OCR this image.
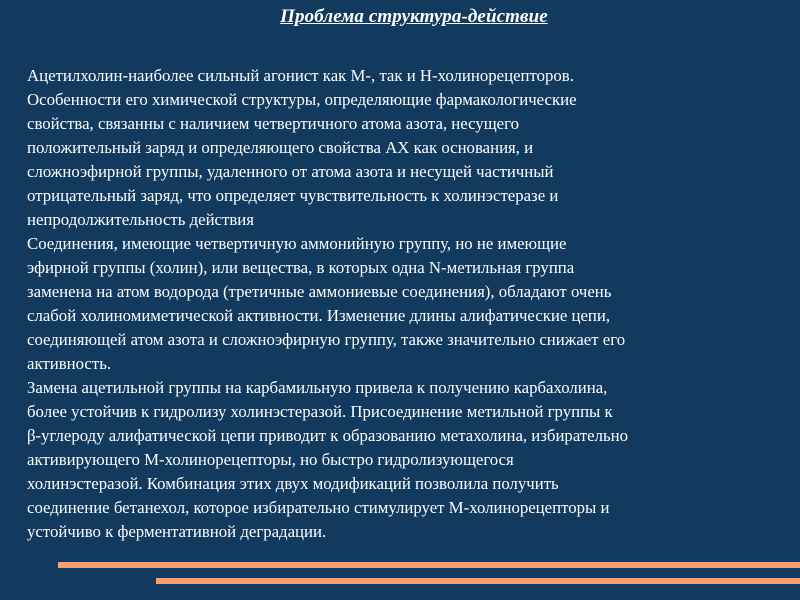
Проблема структура-действие

Ацетилхолин-наиболее сильный агонист как М-, так и Н-холинорецепторов.
Особенности его химической структуры, определяющие фармакологические
свойства, связанны с наличием четвертичного атома азота, несущего
положительный заряд и определяющего свойства АХ как основания, и
сложноэфирной группы, удаленного от атома азота и несущей частичный
отрицательный заряд, что определяет чувствительность к холинэстеразе и
непродолжительность действия

Соединения, имеющие четвертичную аммонийную группу, но не имеющие
эфирной группы (холин), или вещества, в которых одна N-метильная группа
заменена на атом водорода (третичные аммониевые соединения), обладают очень
слабой холиномиметической активности. Изменение длины алифатические цепи,
соединяющей атом азота и сложноэфирную группу, также значительно снижает его
активность.

Замена ацетильной группы на карбамильную привела к получению карбахолина,
более устойчив к гидролизу холинэстеразой. Присоединение метильной группы к
β-углероду алифатической цепи приводит к образованию метахолина, избирательно
активирующего М-холинорецепторы, но быстро гидролизующегося
холинэстеразой. Комбинация этих двух модификаций позволила получить
соединение бетанехол, которое избирательно стимулирует М-холинорецепторы и
устойчиво к ферментативной деградации.
